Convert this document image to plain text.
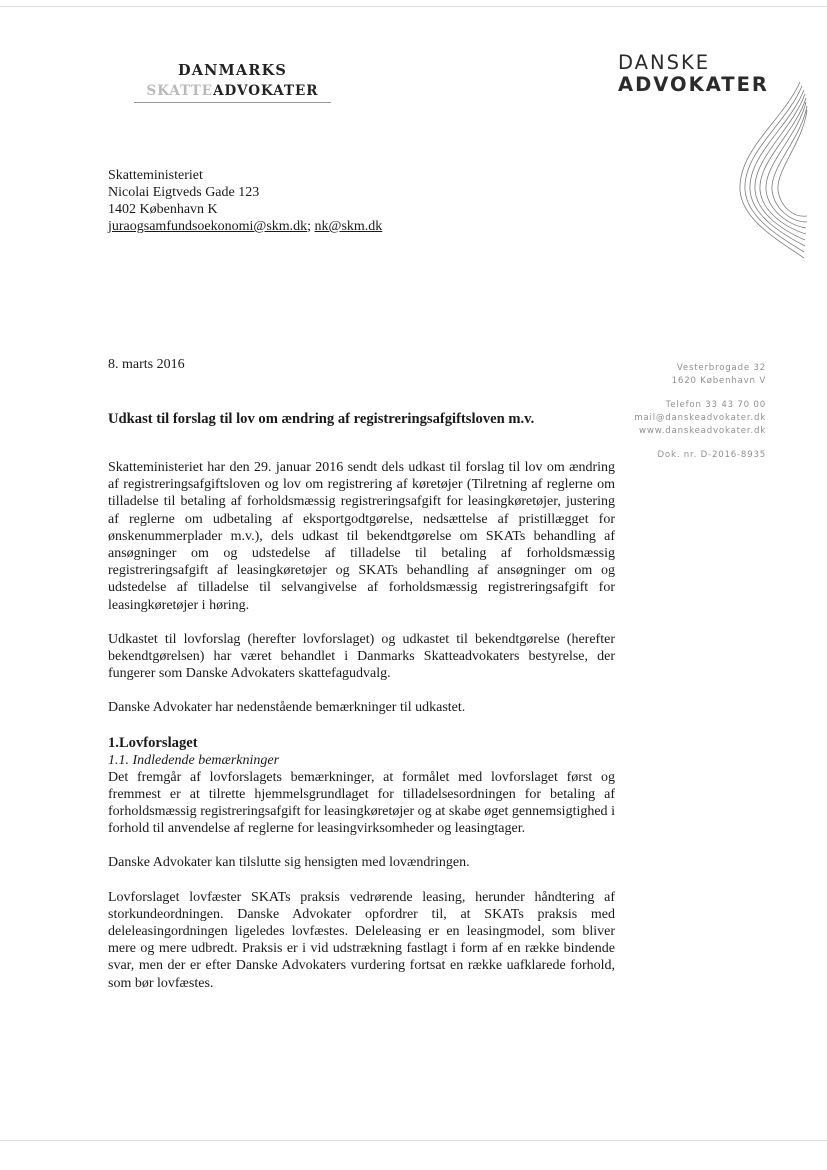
DANMARKS
SKATTEADVOKATER
DANSKE
ADVOKATER
Skatteministeriet
Nicolai Eigtveds Gade 123
1402 København K
juraogsamfundsoekonomi@skm.dk; nk@skm.dk
Vesterbrogade 32
1620 København V
Telefon 33 43 70 00
mail@danskeadvokater.dk
www.danskeadvokater.dk
Dok. nr. D-2016-8935
8. marts 2016
Udkast til forslag til lov om ændring af registreringsafgiftsloven m.v.

Skatteministeriet har den 29. januar 2016 sendt dels udkast til forslag til lov om ændring af registreringsafgiftsloven og lov om registrering af køretøjer (Tilretning af reglerne om tilladelse til betaling af forholdsmæssig registreringsafgift for leasingkøretøjer, justering af reglerne om udbetaling af eksportgodtgørelse, nedsættelse af pristillægget for ønskenummerplader m.v.), dels udkast til bekendtgørelse om SKATs behandling af ansøgninger om og udstedelse af tilladelse til betaling af forholdsmæssig registreringsafgift af leasingkøretøjer og SKATs behandling af ansøgninger om og udstedelse af tilladelse til selvangivelse af forholdsmæssig registreringsafgift for leasingkøretøjer i høring.

Udkastet til lovforslag (herefter lovforslaget) og udkastet til bekendtgørelse (herefter bekendtgørelsen) har været behandlet i Danmarks Skatteadvokaters bestyrelse, der fungerer som Danske Advokaters skattefagudvalg.

Danske Advokater har nedenstående bemærkninger til udkastet.

1.Lovforslaget
1.1. Indledende bemærkninger

Det fremgår af lovforslagets bemærkninger, at formålet med lovforslaget først og fremmest er at tilrette hjemmelsgrundlaget for tilladelsesordningen for betaling af forholdsmæssig registreringsafgift for leasingkøretøjer og at skabe øget gennemsigtighed i forhold til anvendelse af reglerne for leasingvirksomheder og leasingtager.

Danske Advokater kan tilslutte sig hensigten med lovændringen.

Lovforslaget lovfæster SKATs praksis vedrørende leasing, herunder håndtering af storkundeordningen. Danske Advokater opfordrer til, at SKATs praksis med deleleasingordningen ligeledes lovfæstes. Deleleasing er en leasingmodel, som bliver mere og mere udbredt. Praksis er i vid udstrækning fastlagt i form af en række bindende svar, men der er efter Danske Advokaters vurdering fortsat en række uafklarede forhold, som bør lovfæstes.
